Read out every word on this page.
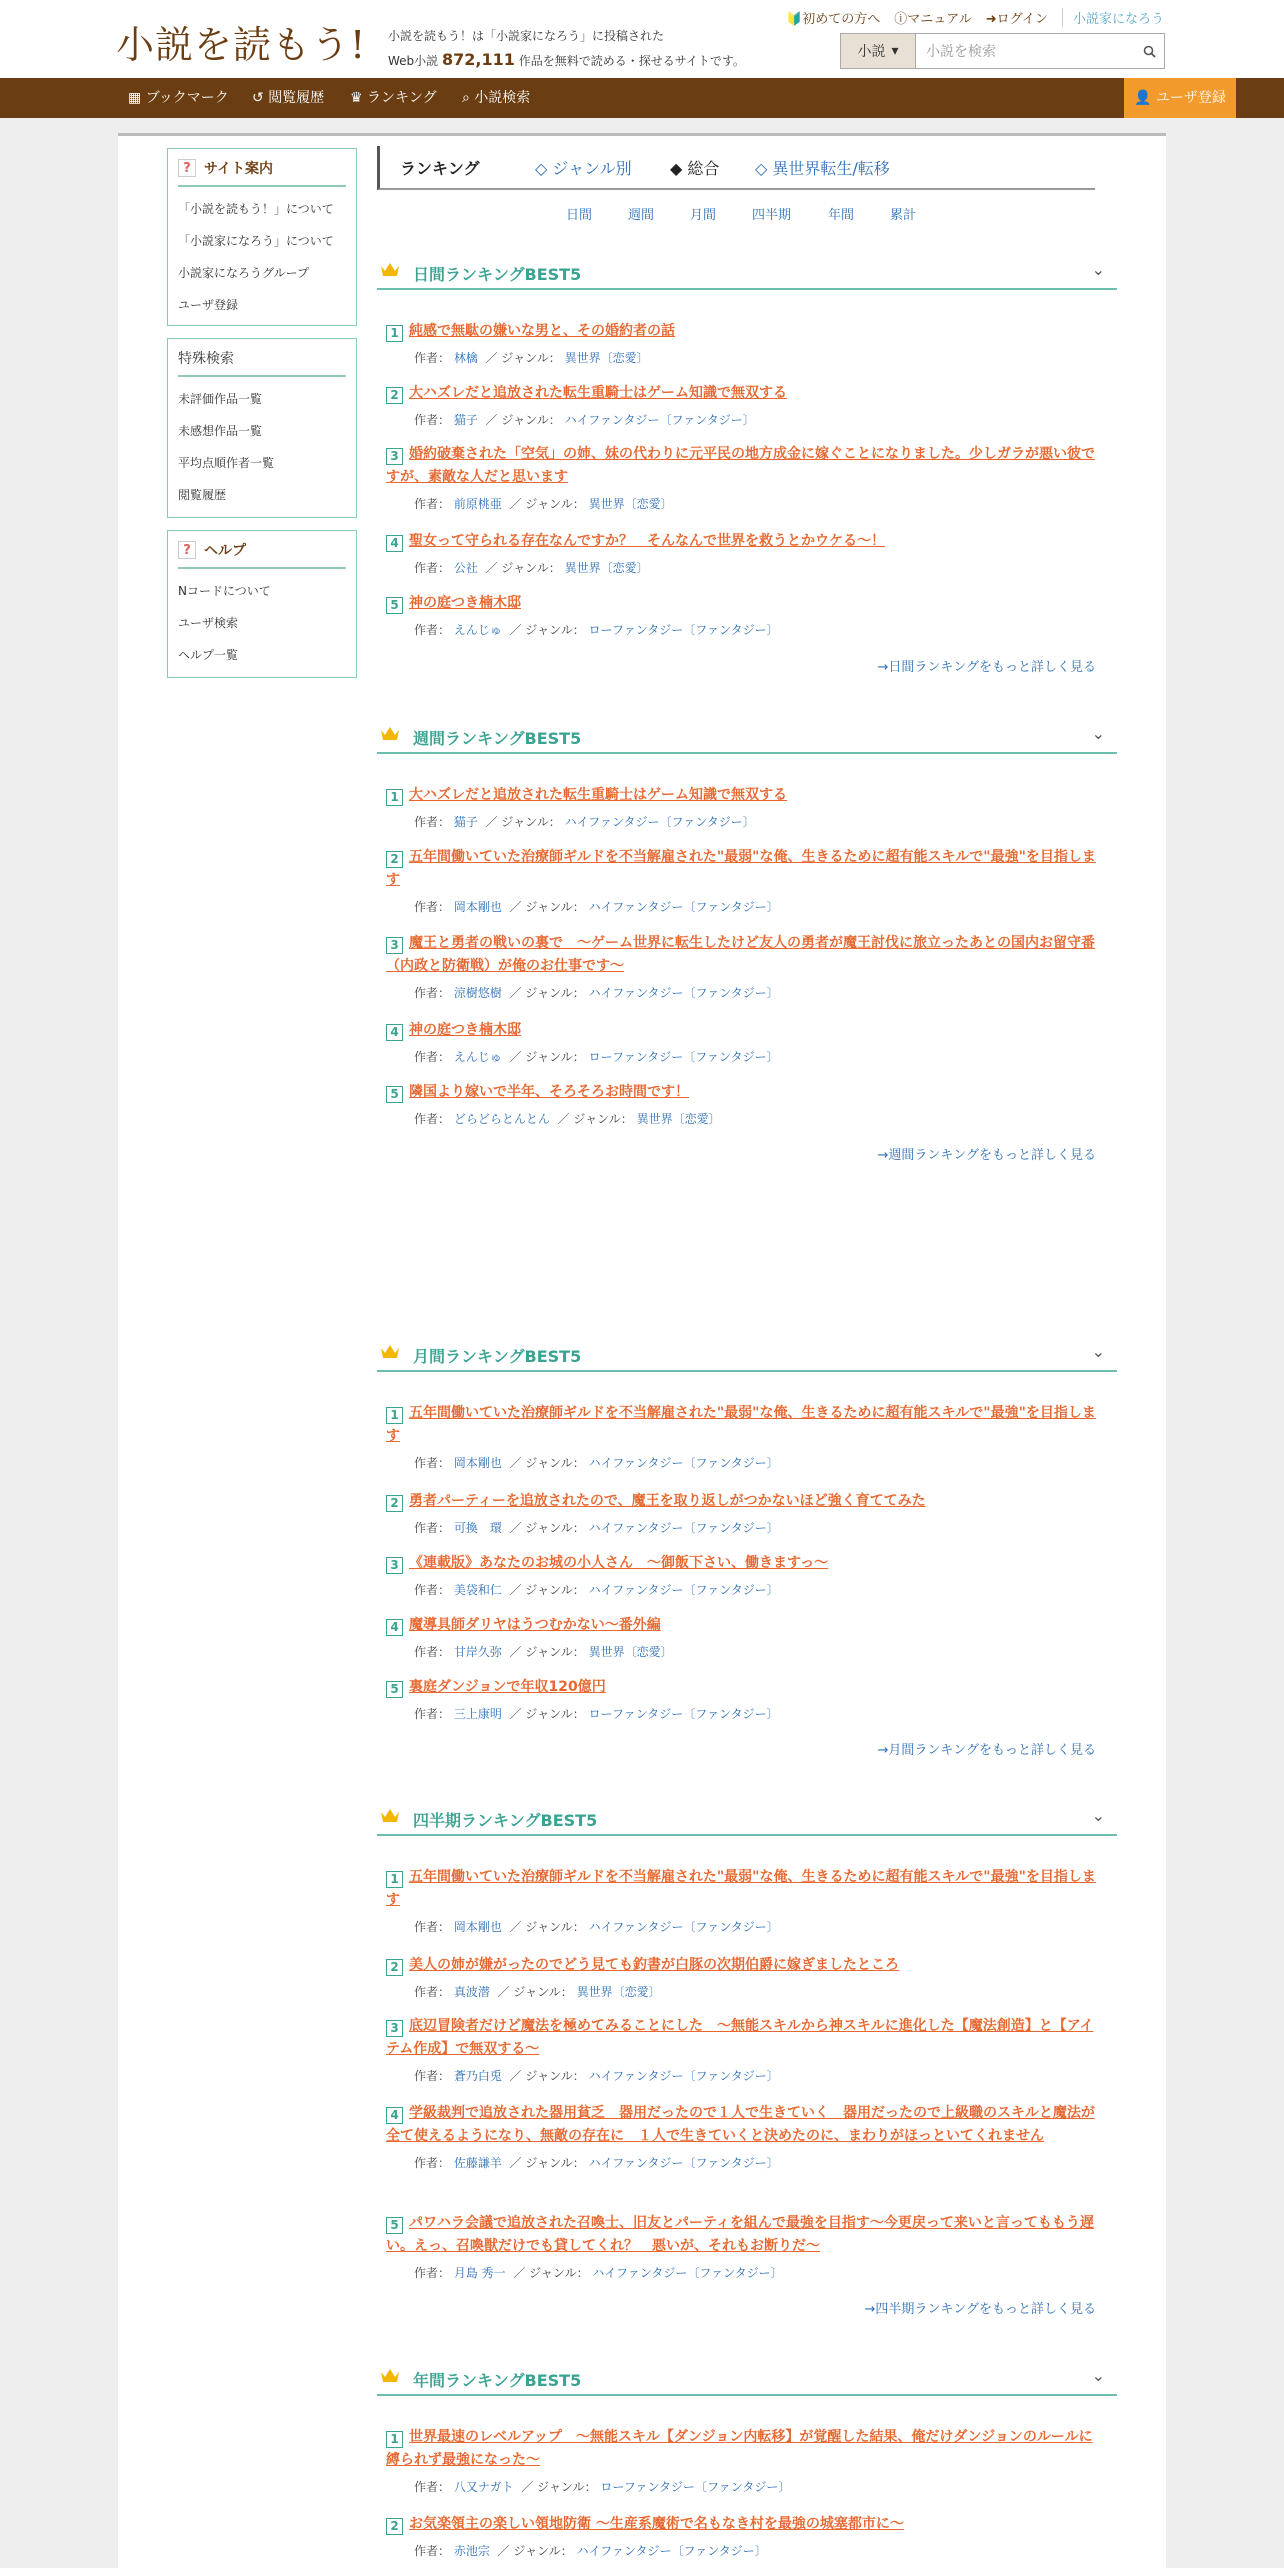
小説を読もう! 小説を読もう！は「小説家になろう」に投稿された
Web小説 872,111 作品を無料で読める・探せるサイトです。
🔰初めての方へ ⓘマニュアル ➜ログイン	小説家になろう
小説 ▾	小説を検索
▦ ブックマーク ↺ 閲覧履歴 ♛ ランキング ⌕ 小説検索	👤 ユーザ登録
? サイト案内
「小説を読もう！」について
「小説家になろう」について
小説家になろうグループ
ユーザ登録
特殊検索
未評価作品一覧
未感想作品一覧
平均点順作者一覧
閲覧履歴
? ヘルプ
Nコードについて
ユーザ検索
ヘルプ一覧
ランキング	◇ ジャンル別 ◆ 総合 ◇ 異世界転生/転移
日間	週間	月間	四半期	年間	累計
日間ランキングBEST5	⌄
1 純感で無駄の嫌いな男と、その婚約者の話
作者： 林檎 ／ ジャンル： 異世界〔恋愛〕
2 大ハズレだと追放された転生重騎士はゲーム知識で無双する
作者： 猫子 ／ ジャンル： ハイファンタジー〔ファンタジー〕
3 婚約破棄された「空気」の姉、妹の代わりに元平民の地方成金に嫁ぐことになりました。少しガラが悪い彼ですが、素敵な人だと思います
作者： 前原桃亜 ／ ジャンル： 異世界〔恋愛〕
4 聖女って守られる存在なんですか？　そんなんで世界を救うとかウケる～！
作者： 公社 ／ ジャンル： 異世界〔恋愛〕
5 神の庭つき楠木邸
作者： えんじゅ ／ ジャンル： ローファンタジー〔ファンタジー〕
→日間ランキングをもっと詳しく見る
週間ランキングBEST5	⌄
1 大ハズレだと追放された転生重騎士はゲーム知識で無双する
作者： 猫子 ／ ジャンル： ハイファンタジー〔ファンタジー〕
2 五年間働いていた治療師ギルドを不当解雇された"最弱"な俺、生きるために超有能スキルで"最強"を目指します
作者： 岡本剛也 ／ ジャンル： ハイファンタジー〔ファンタジー〕
3 魔王と勇者の戦いの裏で　～ゲーム世界に転生したけど友人の勇者が魔王討伐に旅立ったあとの国内お留守番（内政と防衛戦）が俺のお仕事です～
作者： 涼樹悠樹 ／ ジャンル： ハイファンタジー〔ファンタジー〕
4 神の庭つき楠木邸
作者： えんじゅ ／ ジャンル： ローファンタジー〔ファンタジー〕
5 隣国より嫁いで半年、そろそろお時間です！
作者： どらどらとんとん ／ ジャンル： 異世界〔恋愛〕
→週間ランキングをもっと詳しく見る
月間ランキングBEST5	⌄
1 五年間働いていた治療師ギルドを不当解雇された"最弱"な俺、生きるために超有能スキルで"最強"を目指します
作者： 岡本剛也 ／ ジャンル： ハイファンタジー〔ファンタジー〕
2 勇者パーティーを追放されたので、魔王を取り返しがつかないほど強く育ててみた
作者： 可換　環 ／ ジャンル： ハイファンタジー〔ファンタジー〕
3 《連載版》あなたのお城の小人さん　～御飯下さい、働きますっ～
作者： 美袋和仁 ／ ジャンル： ハイファンタジー〔ファンタジー〕
4 魔導具師ダリヤはうつむかない～番外編
作者： 甘岸久弥 ／ ジャンル： 異世界〔恋愛〕
5 裏庭ダンジョンで年収120億円
作者： 三上康明 ／ ジャンル： ローファンタジー〔ファンタジー〕
→月間ランキングをもっと詳しく見る
四半期ランキングBEST5	⌄
1 五年間働いていた治療師ギルドを不当解雇された"最弱"な俺、生きるために超有能スキルで"最強"を目指します
作者： 岡本剛也 ／ ジャンル： ハイファンタジー〔ファンタジー〕
2 美人の姉が嫌がったのでどう見ても釣書が白豚の次期伯爵に嫁ぎましたところ
作者： 真波潜 ／ ジャンル： 異世界〔恋愛〕
3 底辺冒険者だけど魔法を極めてみることにした　～無能スキルから神スキルに進化した【魔法創造】と【アイテム作成】で無双する～
作者： 蒼乃白兎 ／ ジャンル： ハイファンタジー〔ファンタジー〕
4 学級裁判で追放された器用貧乏　器用だったので１人で生きていく　器用だったので上級職のスキルと魔法が全て使えるようになり、無敵の存在に　１人で生きていくと決めたのに、まわりがほっといてくれません
作者： 佐藤謙羊 ／ ジャンル： ハイファンタジー〔ファンタジー〕
5 パワハラ会議で追放された召喚士、旧友とパーティを組んで最強を目指す～今更戻って来いと言ってももう遅い。えっ、召喚獣だけでも貸してくれ？　悪いが、それもお断りだ～
作者： 月島 秀一 ／ ジャンル： ハイファンタジー〔ファンタジー〕
→四半期ランキングをもっと詳しく見る
年間ランキングBEST5	⌄
1 世界最速のレベルアップ　～無能スキル【ダンジョン内転移】が覚醒した結果、俺だけダンジョンのルールに縛られず最強になった～
作者： 八又ナガト ／ ジャンル： ローファンタジー〔ファンタジー〕
2 お気楽領主の楽しい領地防衛 ～生産系魔術で名もなき村を最強の城塞都市に～
作者： 赤池宗 ／ ジャンル： ハイファンタジー〔ファンタジー〕
